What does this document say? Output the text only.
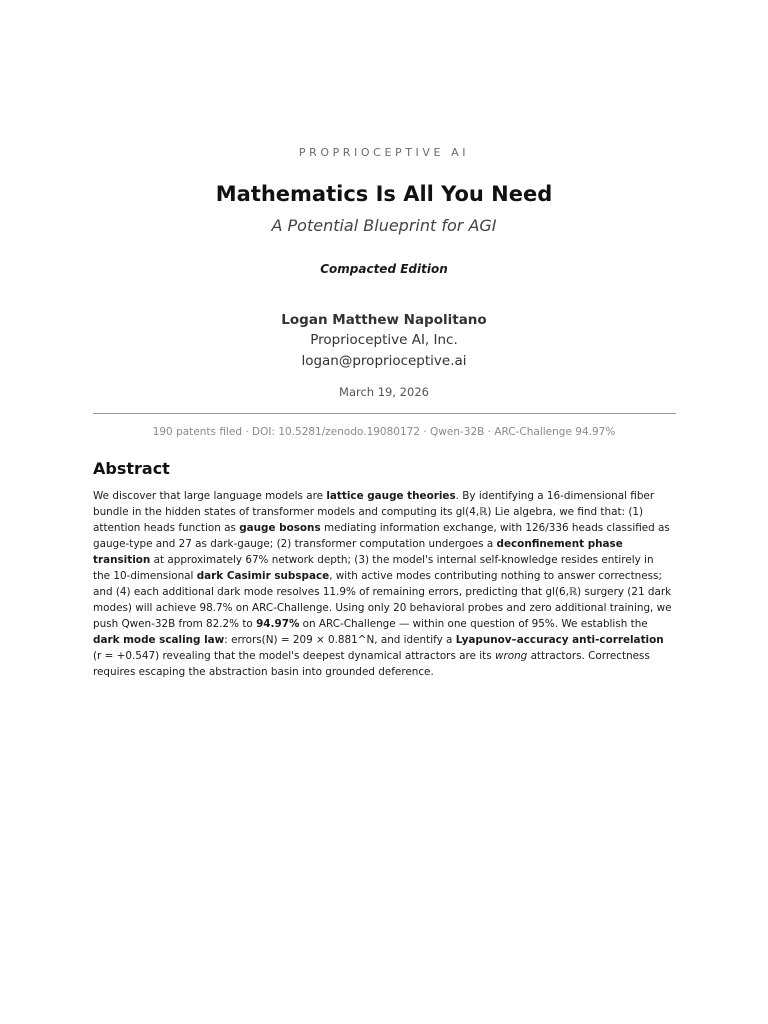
PROPRIOCEPTIVE AI
Mathematics Is All You Need
A Potential Blueprint for AGI
Compacted Edition
Logan Matthew Napolitano
Proprioceptive AI, Inc.
logan@proprioceptive.ai
March 19, 2026
190 patents filed · DOI: 10.5281/zenodo.19080172 · Qwen-32B · ARC-Challenge 94.97%
Abstract

We discover that large language models are lattice gauge theories. By identifying a 16-dimensional fiber bundle in the hidden states of transformer models and computing its gl(4,ℝ) Lie algebra, we find that: (1) attention heads function as gauge bosons mediating information exchange, with 126/336 heads classified as gauge-type and 27 as dark-gauge; (2) transformer computation undergoes a deconfinement phase transition at approximately 67% network depth; (3) the model's internal self-knowledge resides entirely in the 10-dimensional dark Casimir subspace, with active modes contributing nothing to answer correctness; and (4) each additional dark mode resolves 11.9% of remaining errors, predicting that gl(6,ℝ) surgery (21 dark modes) will achieve 98.7% on ARC-Challenge. Using only 20 behavioral probes and zero additional training, we push Qwen-32B from 82.2% to 94.97% on ARC-Challenge — within one question of 95%. We establish the dark mode scaling law: errors(N) = 209 × 0.881^N, and identify a Lyapunov–accuracy anti-correlation (r = +0.547) revealing that the model's deepest dynamical attractors are its wrong attractors. Correctness requires escaping the abstraction basin into grounded deference.
